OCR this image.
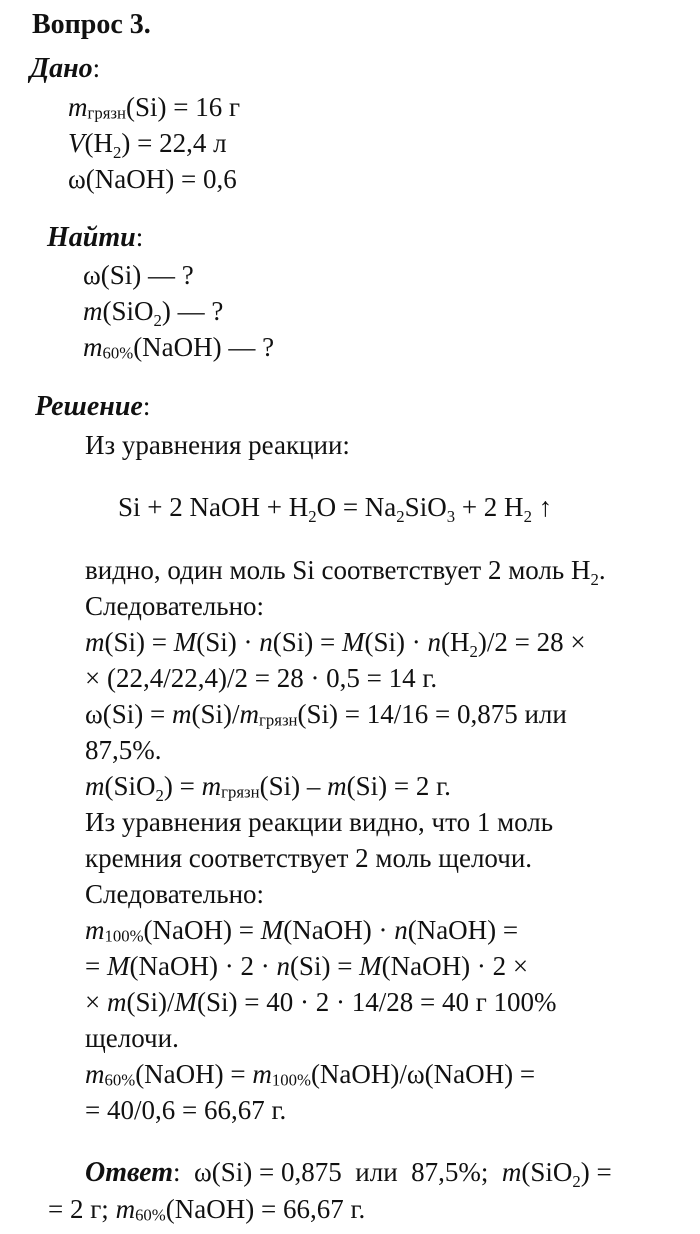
Вопрос 3.
Дано:
mгрязн(Si) = 16 г
$V(H_2) = 22,4$ л
ω(NaOH) = 0,6
Найти:
ω(Si) — ?
m(SiO$_2$) — ?
m60%(NaOH) — ?
Решение:
Из уравнения реакции:
Si + 2 NaOH + $H_2O = Na_2SiO_3 + 2$ $H_2$ ↑
видно, один моль Si соответствует 2 моль $H_2$.
Следовательно:
$m(Si) = M(Si) \cdot n(Si) = M(Si) \cdot n(H_2)/2 = 28$ ×
× (22,4/22,4)/2 = 28 · 0,5 = 14 г.
ω(Si) = m(Si)/mгрязн(Si) = 14/16 = 0,875 или
87,5%.
m(SiO$_2$) = mгрязн(Si) – m(Si) = 2 г.
Из уравнения реакции видно, что 1 моль
кремния соответствует 2 моль щелочи.
Следовательно:
m100%(NaOH) = M(NaOH) · n(NaOH) =
= M(NaOH) · 2 · n(Si) = M(NaOH) · 2 ×
× m(Si)/M(Si) = 40 · 2 · 14/28 = 40 г 100%
щелочи.
m60%(NaOH) = m100%(NaOH)/ω(NaOH) =
= 40/0,6 = 66,67 г.
Ответ:  ω(Si) = 0,875  или  87,5%;  m(SiO$_2$) =
= 2 г; m60%(NaOH) = 66,67 г.
